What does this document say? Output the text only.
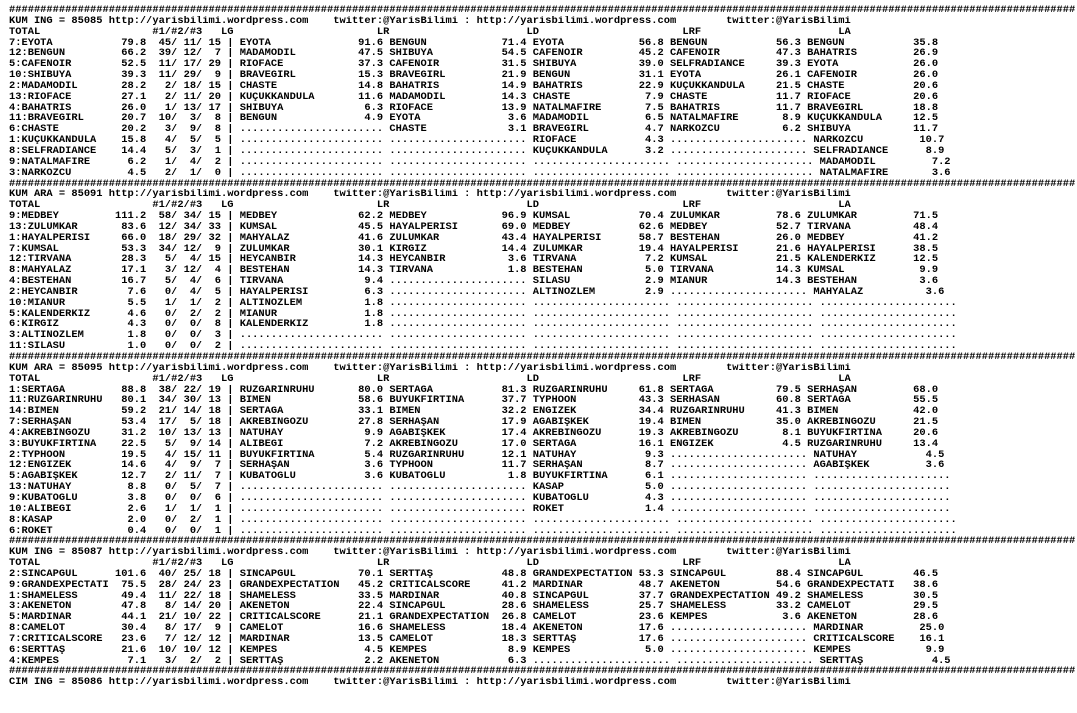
###########################################################################################################################################################################
KUM ING = 85085 http://yarisbilimi.wordpress.com    twitter:@YarisBilimi : http://yarisbilimi.wordpress.com        twitter:@YarisBilimi
TOTAL                  #1/#2/#3   LG                       LR                      LD                       LRF                      LA
7:EYOTA           79.8  45/ 11/ 15 | EYOTA              91.6 BENGUN            71.4 EYOTA            56.8 BENGUN           56.3 BENGUN           35.8
12:BENGUN         66.2  39/ 12/  7 | MADAMODİL          47.5 SHIBUYA           54.5 CAFENOIR         45.2 CAFENOIR         47.3 BAHATRIS         26.9
5:CAFENOIR        52.5  11/ 17/ 29 | RIOFACE            37.3 CAFENOIR          31.5 SHIBUYA          39.0 SELFRADIANCE     39.3 EYOTA            26.0
10:SHIBUYA        39.3  11/ 29/  9 | BRAVEGIRL          15.3 BRAVEGIRL         21.9 BENGUN           31.1 EYOTA            26.1 CAFENOIR         26.0
2:MADAMODİL       28.2   2/ 18/ 15 | CHASTE             14.8 BAHATRIS          14.9 BAHATRIS         22.9 KÜÇÜKKANDULA     21.5 CHASTE           20.6
13:RIOFACE        27.1   2/ 11/ 20 | KÜÇÜKKANDULA       11.6 MADAMODİL         14.3 CHASTE            7.9 CHASTE           11.7 RIOFACE          20.6
4:BAHATRIS        26.0   1/ 13/ 17 | SHIBUYA             6.3 RIOFACE           13.9 NATALMAFIRE       7.5 BAHATRIS         11.7 BRAVEGIRL        18.8
11:BRAVEGIRL      20.7  10/  3/  8 | BENGUN              4.9 EYOTA              3.6 MADAMODİL         6.5 NATALMAFIRE       8.9 KÜÇÜKKANDULA     12.5
6:CHASTE          20.2   3/  9/  8 | ....................... CHASTE             3.1 BRAVEGIRL         4.7 NARKOZCU          6.2 SHIBUYA          11.7
1:KÜÇÜKKANDULA    15.8   4/  5/  5 | ....................... ...................... RIOFACE           4.3 ...................... NARKOZCU         10.7
8:SELFRADIANCE    14.4   5/  3/  1 | ....................... ...................... KÜÇÜKKANDULA      3.2 ...................... SELFRADIANCE      8.9
9:NATALMAFIRE      6.2   1/  4/  2 | ....................... ...................... ...................... ...................... MADAMODİL         7.2
3:NARKOZCU         4.5   2/  1/  0 | ....................... ...................... ...................... ...................... NATALMAFIRE       3.6
###########################################################################################################################################################################
KUM ARA = 85091 http://yarisbilimi.wordpress.com    twitter:@YarisBilimi : http://yarisbilimi.wordpress.com        twitter:@YarisBilimi
TOTAL                  #1/#2/#3   LG                       LR                      LD                       LRF                      LA
9:MEDBEY         111.2  58/ 34/ 15 | MEDBEY             62.2 MEDBEY            96.9 KUMSAL           70.4 ZÜLUMKAR         78.6 ZÜLUMKAR         71.5
13:ZÜLUMKAR       83.6  12/ 34/ 33 | KUMSAL             45.5 HAYALPERİSİ       69.0 MEDBEY           62.6 MEDBEY           52.7 TIRVANA          48.4
1:HAYALPERİSİ     66.0  18/ 29/ 32 | MAHYALAZ           41.6 ZÜLUMKAR          43.4 HAYALPERİSİ      58.7 BESTEHAN         26.0 MEDBEY           41.2
7:KUMSAL          53.3  34/ 12/  9 | ZÜLUMKAR           30.1 KIRGIZ            14.4 ZÜLUMKAR         19.4 HAYALPERİSİ      21.6 HAYALPERİSİ      38.5
12:TIRVANA        28.3   5/  4/ 15 | HEYCANBİR          14.3 HEYCANBİR          3.6 TIRVANA           7.2 KUMSAL           21.5 KALENDERKIZ      12.5
8:MAHYALAZ        17.1   3/ 12/  4 | BESTEHAN           14.3 TIRVANA            1.8 BESTEHAN          5.0 TIRVANA          14.3 KUMSAL            9.9
4:BESTEHAN        16.7   5/  4/  6 | TIRVANA             9.4 ...................... SILASU            2.9 MİANUR           14.3 BESTEHAN          3.6
2:HEYCANBİR        7.6   0/  4/  5 | HAYALPERİSİ         6.3 ...................... ALTINÖZLEM        2.9 ...................... MAHYALAZ          3.6
10:MİANUR          5.5   1/  1/  2 | ALTINÖZLEM          1.8 ...................... ...................... ...................... ......................
5:KALENDERKIZ      4.6   0/  2/  2 | MİANUR              1.8 ...................... ...................... ...................... ......................
6:KIRGIZ           4.3   0/  0/  8 | KALENDERKIZ         1.8 ...................... ...................... ...................... ......................
3:ALTINÖZLEM       1.8   0/  0/  3 | ....................... ...................... ...................... ...................... ......................
11:SILASU          1.0   0/  0/  2 | ....................... ...................... ...................... ...................... ......................
###########################################################################################################################################################################
KUM ARA = 85095 http://yarisbilimi.wordpress.com    twitter:@YarisBilimi : http://yarisbilimi.wordpress.com        twitter:@YarisBilimi
TOTAL                  #1/#2/#3   LG                       LR                      LD                       LRF                      LA
1:SERTAĞA         88.8  38/ 22/ 19 | RÜZGARINRUHU       80.0 SERTAĞA           81.3 RÜZGARINRUHU     61.8 SERTAĞA          79.5 SERHAŞAN         68.0
11:RÜZGARINRUHU   80.1  34/ 30/ 13 | BİMEN              58.6 BÜYÜKFIRTINA      37.7 TYPHOON          43.3 SERHASAN         60.8 SERTAĞA          55.5
14:BİMEN          59.2  21/ 14/ 18 | SERTAĞA            33.1 BİMEN             32.2 ENGİZEK          34.4 RÜZGARINRUHU     41.3 BİMEN            42.0
7:SERHAŞAN        53.4  17/  5/ 18 | AKREBİNGÖZÜ        27.8 SERHAŞAN          17.9 AĞABİŞKEK        19.4 BİMEN            35.0 AKREBİNGÖZÜ      21.5
4:AKREBİNGÖZÜ     31.2  10/ 13/ 13 | NATUHAY             9.9 AĞABİŞKEK         17.4 AKREBİNGÖZÜ      19.3 AKREBİNGÖZÜ       8.1 BÜYÜKFIRTINA     20.6
3:BÜYÜKFIRTINA    22.5   5/  9/ 14 | ALİBEGİ             7.2 AKREBİNGÖZÜ       17.0 SERTAĞA          16.1 ENGİZEK           4.5 RÜZGARINRUHU     13.4
2:TYPHOON         19.5   4/ 15/ 11 | BÜYÜKFIRTINA        5.4 RÜZGARINRUHU      12.1 NATUHAY           9.3 ...................... NATUHAY           4.5
12:ENGİZEK        14.6   4/  9/  7 | SERHAŞAN            3.6 TYPHOON           11.7 SERHAŞAN          8.7 ...................... AĞABİŞKEK         3.6
5:AĞABİŞKEK       12.7   2/ 11/  7 | KUBATOĞLU           3.6 KUBATOĞLU          1.8 BÜYÜKFIRTINA      6.1 ...................... ......................
13:NATUHAY         8.8   0/  5/  7 | ....................... ...................... KASAP             5.0 ...................... ......................
9:KUBATOĞLU        3.8   0/  0/  6 | ....................... ...................... KUBATOĞLU         4.3 ...................... ......................
10:ALİBEGİ         2.6   1/  1/  1 | ....................... ...................... ROKET             1.4 ...................... ......................
8:KASAP            2.0   0/  2/  1 | ....................... ...................... ...................... ...................... ......................
6:ROKET            0.4   0/  0/  1 | ....................... ...................... ...................... ...................... ......................
###########################################################################################################################################################################
KUM ING = 85087 http://yarisbilimi.wordpress.com    twitter:@YarisBilimi : http://yarisbilimi.wordpress.com        twitter:@YarisBilimi
TOTAL                  #1/#2/#3   LG                       LR                      LD                       LRF                      LA
2:SİNCAPGÜL      101.6  40/ 25/ 18 | SİNCAPGÜL          70.1 SERTTAŞ           48.8 GRANDEXPECTATION 53.3 SİNCAPGÜL        88.4 SİNCAPGÜL        46.5
9:GRANDEXPECTATI  75.5  28/ 24/ 23 | GRANDEXPECTATION   45.2 CRITICALSCORE     41.2 MARDINAR         48.7 AKENETON         54.6 GRANDEXPECTATI   38.6
1:SHAMELESS       49.4  11/ 22/ 18 | SHAMELESS          33.5 MARDINAR          40.8 SİNCAPGÜL        37.7 GRANDEXPECTATION 49.2 SHAMELESS        30.5
3:AKENETON        47.8   8/ 14/ 20 | AKENETON           22.4 SİNCAPGÜL         28.6 SHAMELESS        25.7 SHAMELESS        33.2 CAMELOT          29.5
5:MARDINAR        44.1  21/ 10/ 22 | CRITICALSCORE      21.1 GRANDEXPECTATION  26.8 CAMELOT          23.6 KEMPES            3.6 AKENETON         28.6
8:CAMELOT         30.4   8/ 17/  9 | CAMELOT            16.6 SHAMELESS         18.4 AKENETON         17.6 ...................... MARDINAR         25.0
7:CRITICALSCORE   23.6   7/ 12/ 12 | MARDINAR           13.5 CAMELOT           18.3 SERTTAŞ          17.6 ...................... CRITICALSCORE    16.1
6:SERTTAŞ         21.6  10/ 10/ 12 | KEMPES              4.5 KEMPES             8.9 KEMPES            5.0 ...................... KEMPES            9.9
4:KEMPES           7.1   3/  2/  2 | SERTTAŞ             2.2 AKENETON           6.3 ...................... ...................... SERTTAŞ           4.5
###########################################################################################################################################################################
CIM ING = 85086 http://yarisbilimi.wordpress.com    twitter:@YarisBilimi : http://yarisbilimi.wordpress.com        twitter:@YarisBilimi
